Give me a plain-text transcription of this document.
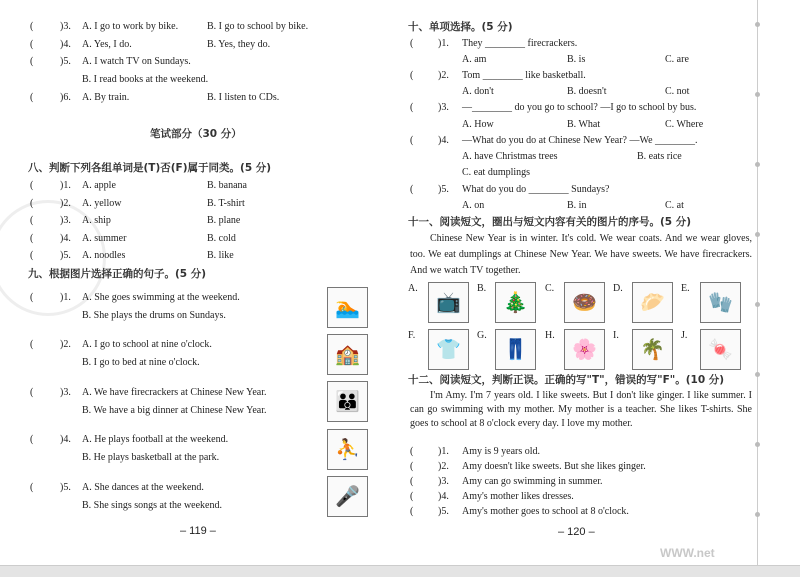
WWW.net
(
) 3. A. I go to work by bike.	B. I go to school by bike.
(
) 4. A. Yes, I do.	B. Yes, they do.
(
) 5. A. I watch TV on Sundays.
B. I read books at the weekend.
(
) 6. A. By train.	B. I listen to CDs.
笔试部分（30 分）
八、判断下列各组单词是(T)否(F)属于同类。(5 分)
(
) 1. A. apple	B. banana
(
) 2. A. yellow	B. T-shirt
(
) 3. A. ship	B. plane
(
) 4. A. summer	B. cold
(
) 5. A. noodles	B. like
九、根据图片选择正确的句子。(5 分)
(
) 1. A. She goes swimming at the weekend.
B. She plays the drums on Sundays.
(
) 2. A. I go to school at nine o'clock.
B. I go to bed at nine o'clock.
(
) 3. A. We have firecrackers at Chinese New Year.
B. We have a big dinner at Chinese New Year.
(
) 4. A. He plays football at the weekend.
B. He plays basketball at the park.
(
) 5. A. She dances at the weekend.
B. She sings songs at the weekend.
🏊
🏫
👪
⛹
🎤
– 119 –
十、单项选择。(5 分)
(
) 1. They ________ firecrackers.
A. am	B. is	C. are
(
) 2. Tom ________ like basketball.
A. don't	B. doesn't	C. not
(
) 3. —________ do you go to school? —I go to school by bus.
A. How	B. What	C. Where
(
) 4. —What do you do at Chinese New Year? —We ________.
A. have Christmas trees	B. eats rice
C. eat dumplings
(
) 5. What do you do ________ Sundays?
A. on	B. in	C. at
十一、阅读短文，圈出与短文内容有关的图片的序号。(5 分)
Chinese New Year is in winter. It's cold. We wear coats. And we wear gloves, too. We eat dumplings at Chinese New Year. We have sweets. We have firecrackers. And we watch TV together.
A.
📺
B.
🎄
C.
🍩
D.
🥟
E.
🧤
F.
👕
G.
👖
H.
🌸
I.
🌴
J.
🍬
十二、阅读短文，判断正误。正确的写"T"，错误的写"F"。(10 分)
I'm Amy. I'm 7 years old. I like sweets. But I don't like ginger. I like summer. I can go swimming with my mother. My mother is a teacher. She likes T-shirts. She goes to school at 8 o'clock every day. I love my mother.
(
) 1. Amy is 9 years old.
(
) 2. Amy doesn't like sweets. But she likes ginger.
(
) 3. Amy can go swimming in summer.
(
) 4. Amy's mother likes dresses.
(
) 5. Amy's mother goes to school at 8 o'clock.
– 120 –
